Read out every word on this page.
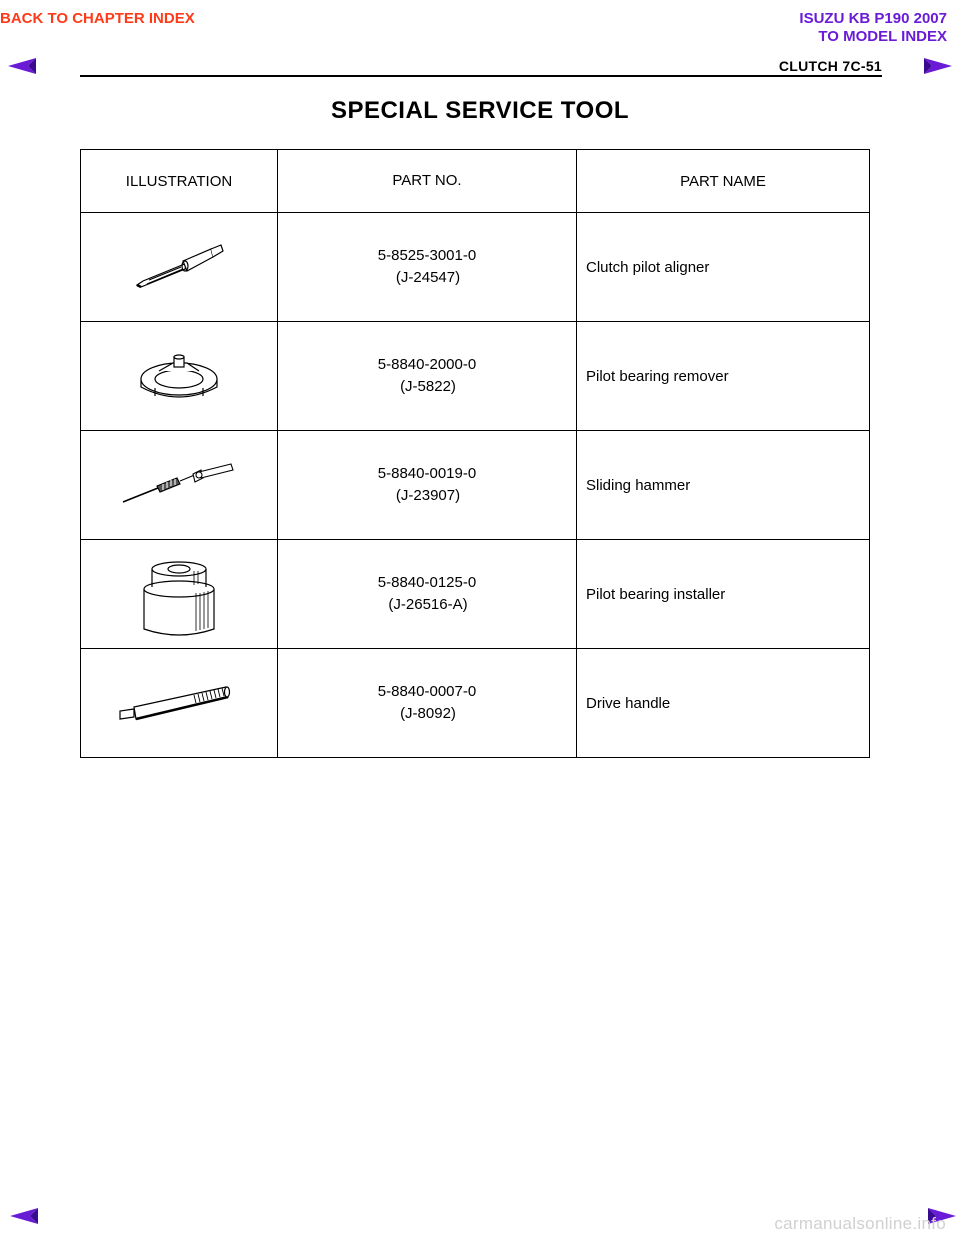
BACK TO CHAPTER INDEX	ISUZU KB P190 2007
TO MODEL INDEX
CLUTCH 7C-51
SPECIAL SERVICE TOOL
ILLUSTRATION	PART NO.	PART NAME

5-8525-3001-0
(J-24547)	Clutch pilot aligner

5-8840-2000-0
(J-5822)	Pilot bearing remover

5-8840-0019-0
(J-23907)	Sliding hammer

5-8840-0125-0
(J-26516-A)	Pilot bearing installer

5-8840-0007-0
(J-8092)	Drive handle
carmanualsonline.info
